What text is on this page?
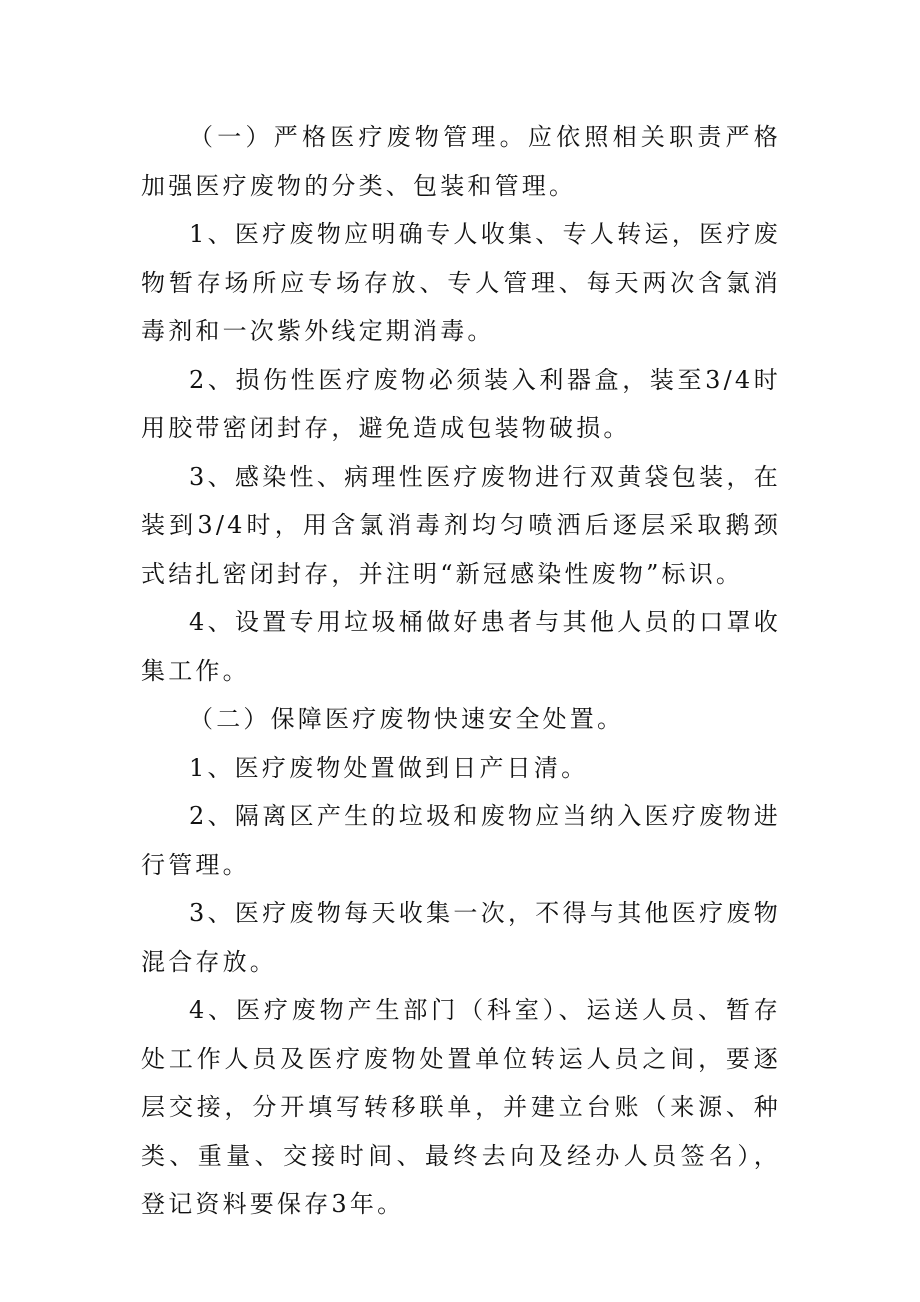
（一）严格医疗废物管理。应依照相关职责严格加强医疗废物的分类、包装和管理。

1、医疗废物应明确专人收集、专人转运，医疗废物暂存场所应专场存放、专人管理、每天两次含氯消毒剂和一次紫外线定期消毒。

2、损伤性医疗废物必须装入利器盒，装至3/4时用胶带密闭封存，避免造成包装物破损。

3、感染性、病理性医疗废物进行双黄袋包装，在装到3/4时，用含氯消毒剂均匀喷洒后逐层采取鹅颈式结扎密闭封存，并注明“新冠感染性废物”标识。

4、设置专用垃圾桶做好患者与其他人员的口罩收集工作。

（二）保障医疗废物快速安全处置。

1、医疗废物处置做到日产日清。

2、隔离区产生的垃圾和废物应当纳入医疗废物进行管理。

3、医疗废物每天收集一次，不得与其他医疗废物混合存放。

4、医疗废物产生部门（科室）、运送人员、暂存处工作人员及医疗废物处置单位转运人员之间，要逐层交接，分开填写转移联单，并建立台账（来源、种类、重量、交接时间、最终去向及经办人员签名），登记资料要保存3年。
